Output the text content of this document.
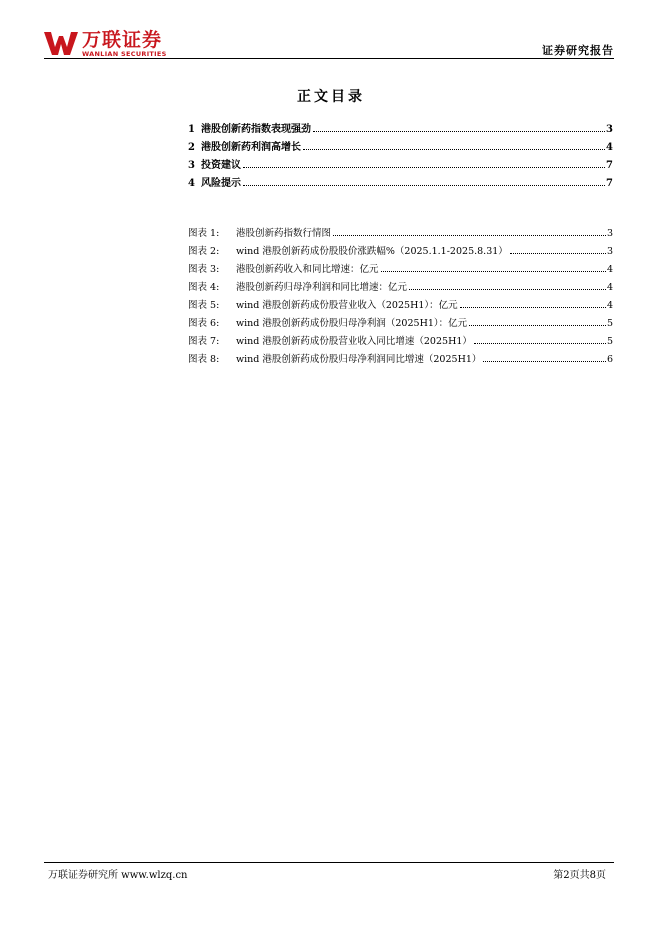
万联证券
WANLIAN SECURITIES	证券研究报告
正文目录
1 港股创新药指数表现强劲	3
2 港股创新药利润高增长	4
3 投资建议	7
4 风险提示	7
图表 1:	港股创新药指数行情图	3
图表 2:	wind 港股创新药成份股股价涨跌幅%（2025.1.1-2025.8.31）	3
图表 3:	港股创新药收入和同比增速：亿元	4
图表 4:	港股创新药归母净利润和同比增速：亿元	4
图表 5:	wind 港股创新药成份股营业收入（2025H1）：亿元	4
图表 6:	wind 港股创新药成份股归母净利润（2025H1）：亿元	5
图表 7:	wind 港股创新药成份股营业收入同比增速（2025H1）	5
图表 8:	wind 港股创新药成份股归母净利润同比增速（2025H1）	6
万联证券研究所 www.wlzq.cn	第2页共8页
